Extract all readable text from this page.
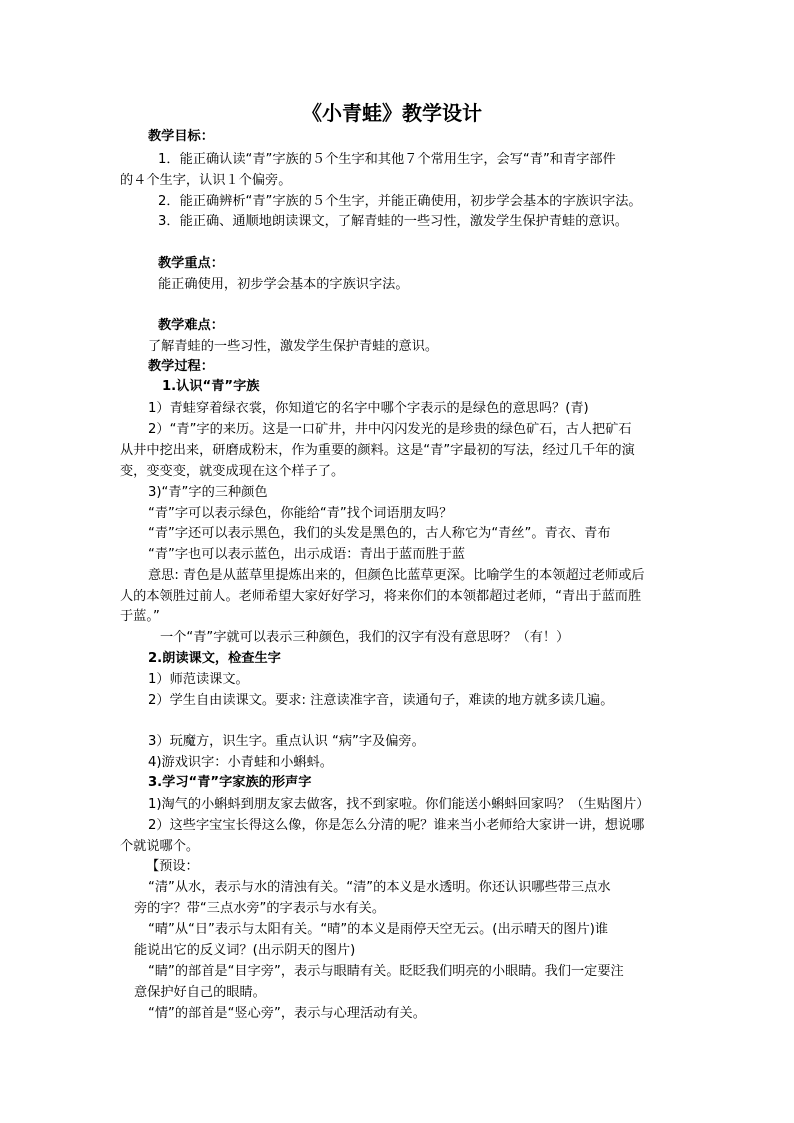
《小青蛙》教学设计
教学目标：
1．能正确认读“青”字族的５个生字和其他７个常用生字，会写“青”和青字部件
的４个生字，认识１个偏旁。
2．能正确辨析“青”字族的５个生字，并能正确使用，初步学会基本的字族识字法。
3．能正确、通顺地朗读课文，了解青蛙的一些习性，激发学生保护青蛙的意识。
教学重点：
能正确使用，初步学会基本的字族识字法。
教学难点：
了解青蛙的一些习性，激发学生保护青蛙的意识。
教学过程：
1.认识“青”字族
1）青蛙穿着绿衣裳，你知道它的名字中哪个字表示的是绿色的意思吗？(青)
2）“青”字的来历。这是一口矿井，井中闪闪发光的是珍贵的绿色矿石，古人把矿石
从井中挖出来，研磨成粉末，作为重要的颜料。这是“青”字最初的写法，经过几千年的演
变，变变变，就变成现在这个样子了。
3)“青”字的三种颜色
“青”字可以表示绿色，你能给“青”找个词语朋友吗？
“青”字还可以表示黑色，我们的头发是黑色的，古人称它为“青丝”。青衣、青布
“青”字也可以表示蓝色，出示成语：青出于蓝而胜于蓝
意思: 青色是从蓝草里提炼出来的，但颜色比蓝草更深。比喻学生的本领超过老师或后
人的本领胜过前人。老师希望大家好好学习，将来你们的本领都超过老师，“青出于蓝而胜
于蓝。”
一个“青”字就可以表示三种颜色，我们的汉字有没有意思呀？（有！）
2.朗读课文，检查生字
1）师范读课文。
2）学生自由读课文。要求: 注意读准字音，读通句子，难读的地方就多读几遍。
3）玩魔方，识生字。重点认识 “病”字及偏旁。
4)游戏识字：小青蛙和小蝌蚪。
3.学习“青”字家族的形声字
1)淘气的小蝌蚪到朋友家去做客，找不到家啦。你们能送小蝌蚪回家吗？（生贴图片）
2）这些字宝宝长得这么像，你是怎么分清的呢？谁来当小老师给大家讲一讲，想说哪
个就说哪个。
【预设：
“清”从水，表示与水的清浊有关。“清”的本义是水透明。你还认识哪些带三点水
旁的字？带“三点水旁”的字表示与水有关。
“晴”从“日”表示与太阳有关。“晴”的本义是雨停天空无云。(出示晴天的图片)谁
能说出它的反义词？(出示阴天的图片)
“睛”的部首是“目字旁”，表示与眼睛有关。眨眨我们明亮的小眼睛。我们一定要注
意保护好自己的眼睛。
“情”的部首是“竖心旁”，表示与心理活动有关。
